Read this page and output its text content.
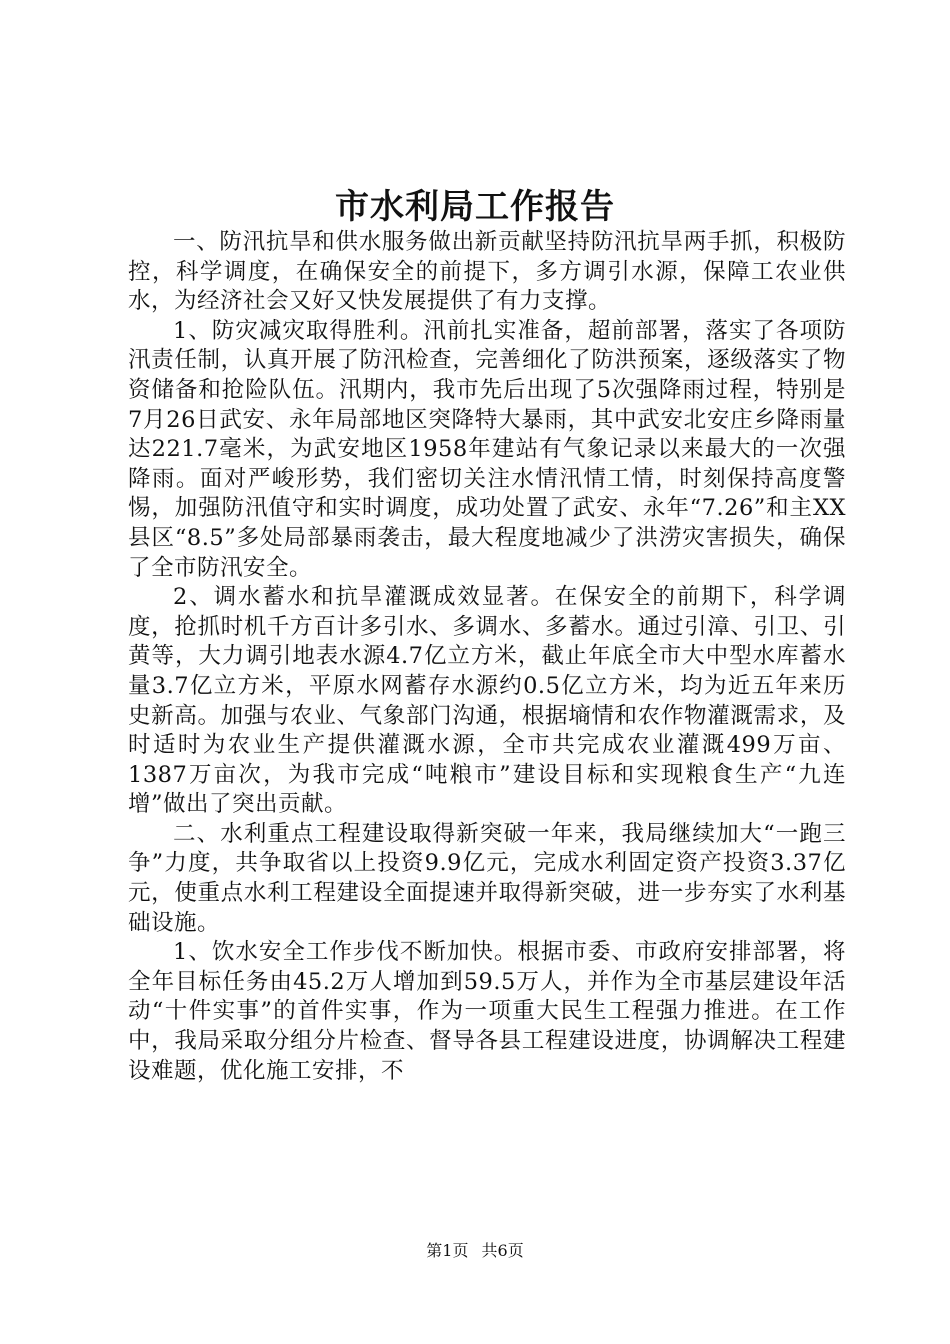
市水利局工作报告

一、防汛抗旱和供水服务做出新贡献坚持防汛抗旱两手抓，积极防控，科学调度，在确保安全的前提下，多方调引水源，保障工农业供水，为经济社会又好又快发展提供了有力支撑。

1、防灾减灾取得胜利。汛前扎实准备，超前部署，落实了各项防汛责任制，认真开展了防汛检查，完善细化了防洪预案，逐级落实了物资储备和抢险队伍。汛期内，我市先后出现了5次强降雨过程，特别是7月26日武安、永年局部地区突降特大暴雨，其中武安北安庄乡降雨量达221.7毫米，为武安地区1958年建站有气象记录以来最大的一次强降雨。面对严峻形势，我们密切关注水情汛情工情，时刻保持高度警惕，加强防汛值守和实时调度，成功处置了武安、永年“7.26”和主XX县区“8.5”多处局部暴雨袭击，最大程度地减少了洪涝灾害损失，确保了全市防汛安全。

2、调水蓄水和抗旱灌溉成效显著。在保安全的前期下，科学调度，抢抓时机千方百计多引水、多调水、多蓄水。通过引漳、引卫、引黄等，大力调引地表水源4.7亿立方米，截止年底全市大中型水库蓄水量3.7亿立方米，平原水网蓄存水源约0.5亿立方米，均为近五年来历史新高。加强与农业、气象部门沟通，根据墒情和农作物灌溉需求，及时适时为农业生产提供灌溉水源，全市共完成农业灌溉499万亩、1387万亩次，为我市完成“吨粮市”建设目标和实现粮食生产“九连增”做出了突出贡献。

二、水利重点工程建设取得新突破一年来，我局继续加大“一跑三争”力度，共争取省以上投资9.9亿元，完成水利固定资产投资3.37亿元，使重点水利工程建设全面提速并取得新突破，进一步夯实了水利基础设施。

1、饮水安全工作步伐不断加快。根据市委、市政府安排部署，将全年目标任务由45.2万人增加到59.5万人，并作为全市基层建设年活动“十件实事”的首件实事，作为一项重大民生工程强力推进。在工作中，我局采取分组分片检查、督导各县工程建设进度，协调解决工程建设难题，优化施工安排，不

第1页 共6页
